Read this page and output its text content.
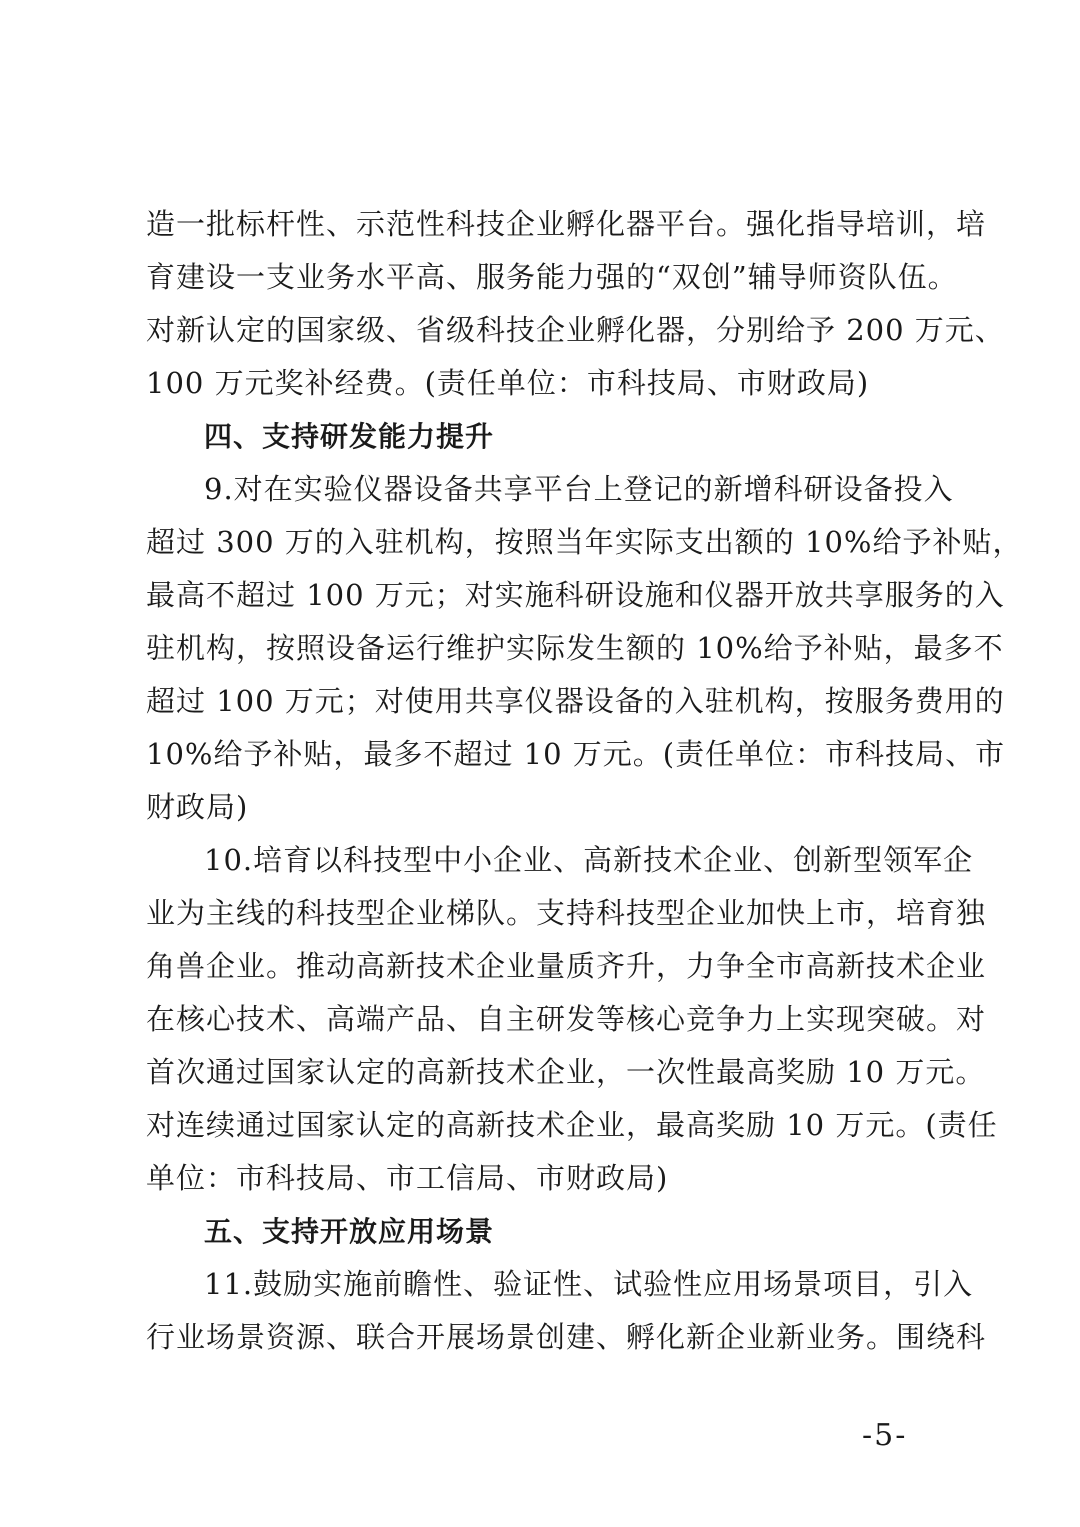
造一批标杆性、示范性科技企业孵化器平台。强化指导培训，培
育建设一支业务水平高、服务能力强的“双创”辅导师资队伍。
对新认定的国家级、省级科技企业孵化器，分别给予 200 万元、
100 万元奖补经费。(责任单位：市科技局、市财政局)
四、支持研发能力提升
9.对在实验仪器设备共享平台上登记的新增科研设备投入
超过 300 万的入驻机构，按照当年实际支出额的 10%给予补贴，
最高不超过 100 万元；对实施科研设施和仪器开放共享服务的入
驻机构，按照设备运行维护实际发生额的 10%给予补贴，最多不
超过 100 万元；对使用共享仪器设备的入驻机构，按服务费用的
10%给予补贴，最多不超过 10 万元。(责任单位：市科技局、市
财政局)
10.培育以科技型中小企业、高新技术企业、创新型领军企
业为主线的科技型企业梯队。支持科技型企业加快上市，培育独
角兽企业。推动高新技术企业量质齐升，力争全市高新技术企业
在核心技术、高端产品、自主研发等核心竞争力上实现突破。对
首次通过国家认定的高新技术企业，一次性最高奖励 10 万元。
对连续通过国家认定的高新技术企业，最高奖励 10 万元。(责任
单位：市科技局、市工信局、市财政局)
五、支持开放应用场景
11.鼓励实施前瞻性、验证性、试验性应用场景项目，引入
行业场景资源、联合开展场景创建、孵化新企业新业务。围绕科
-5-
